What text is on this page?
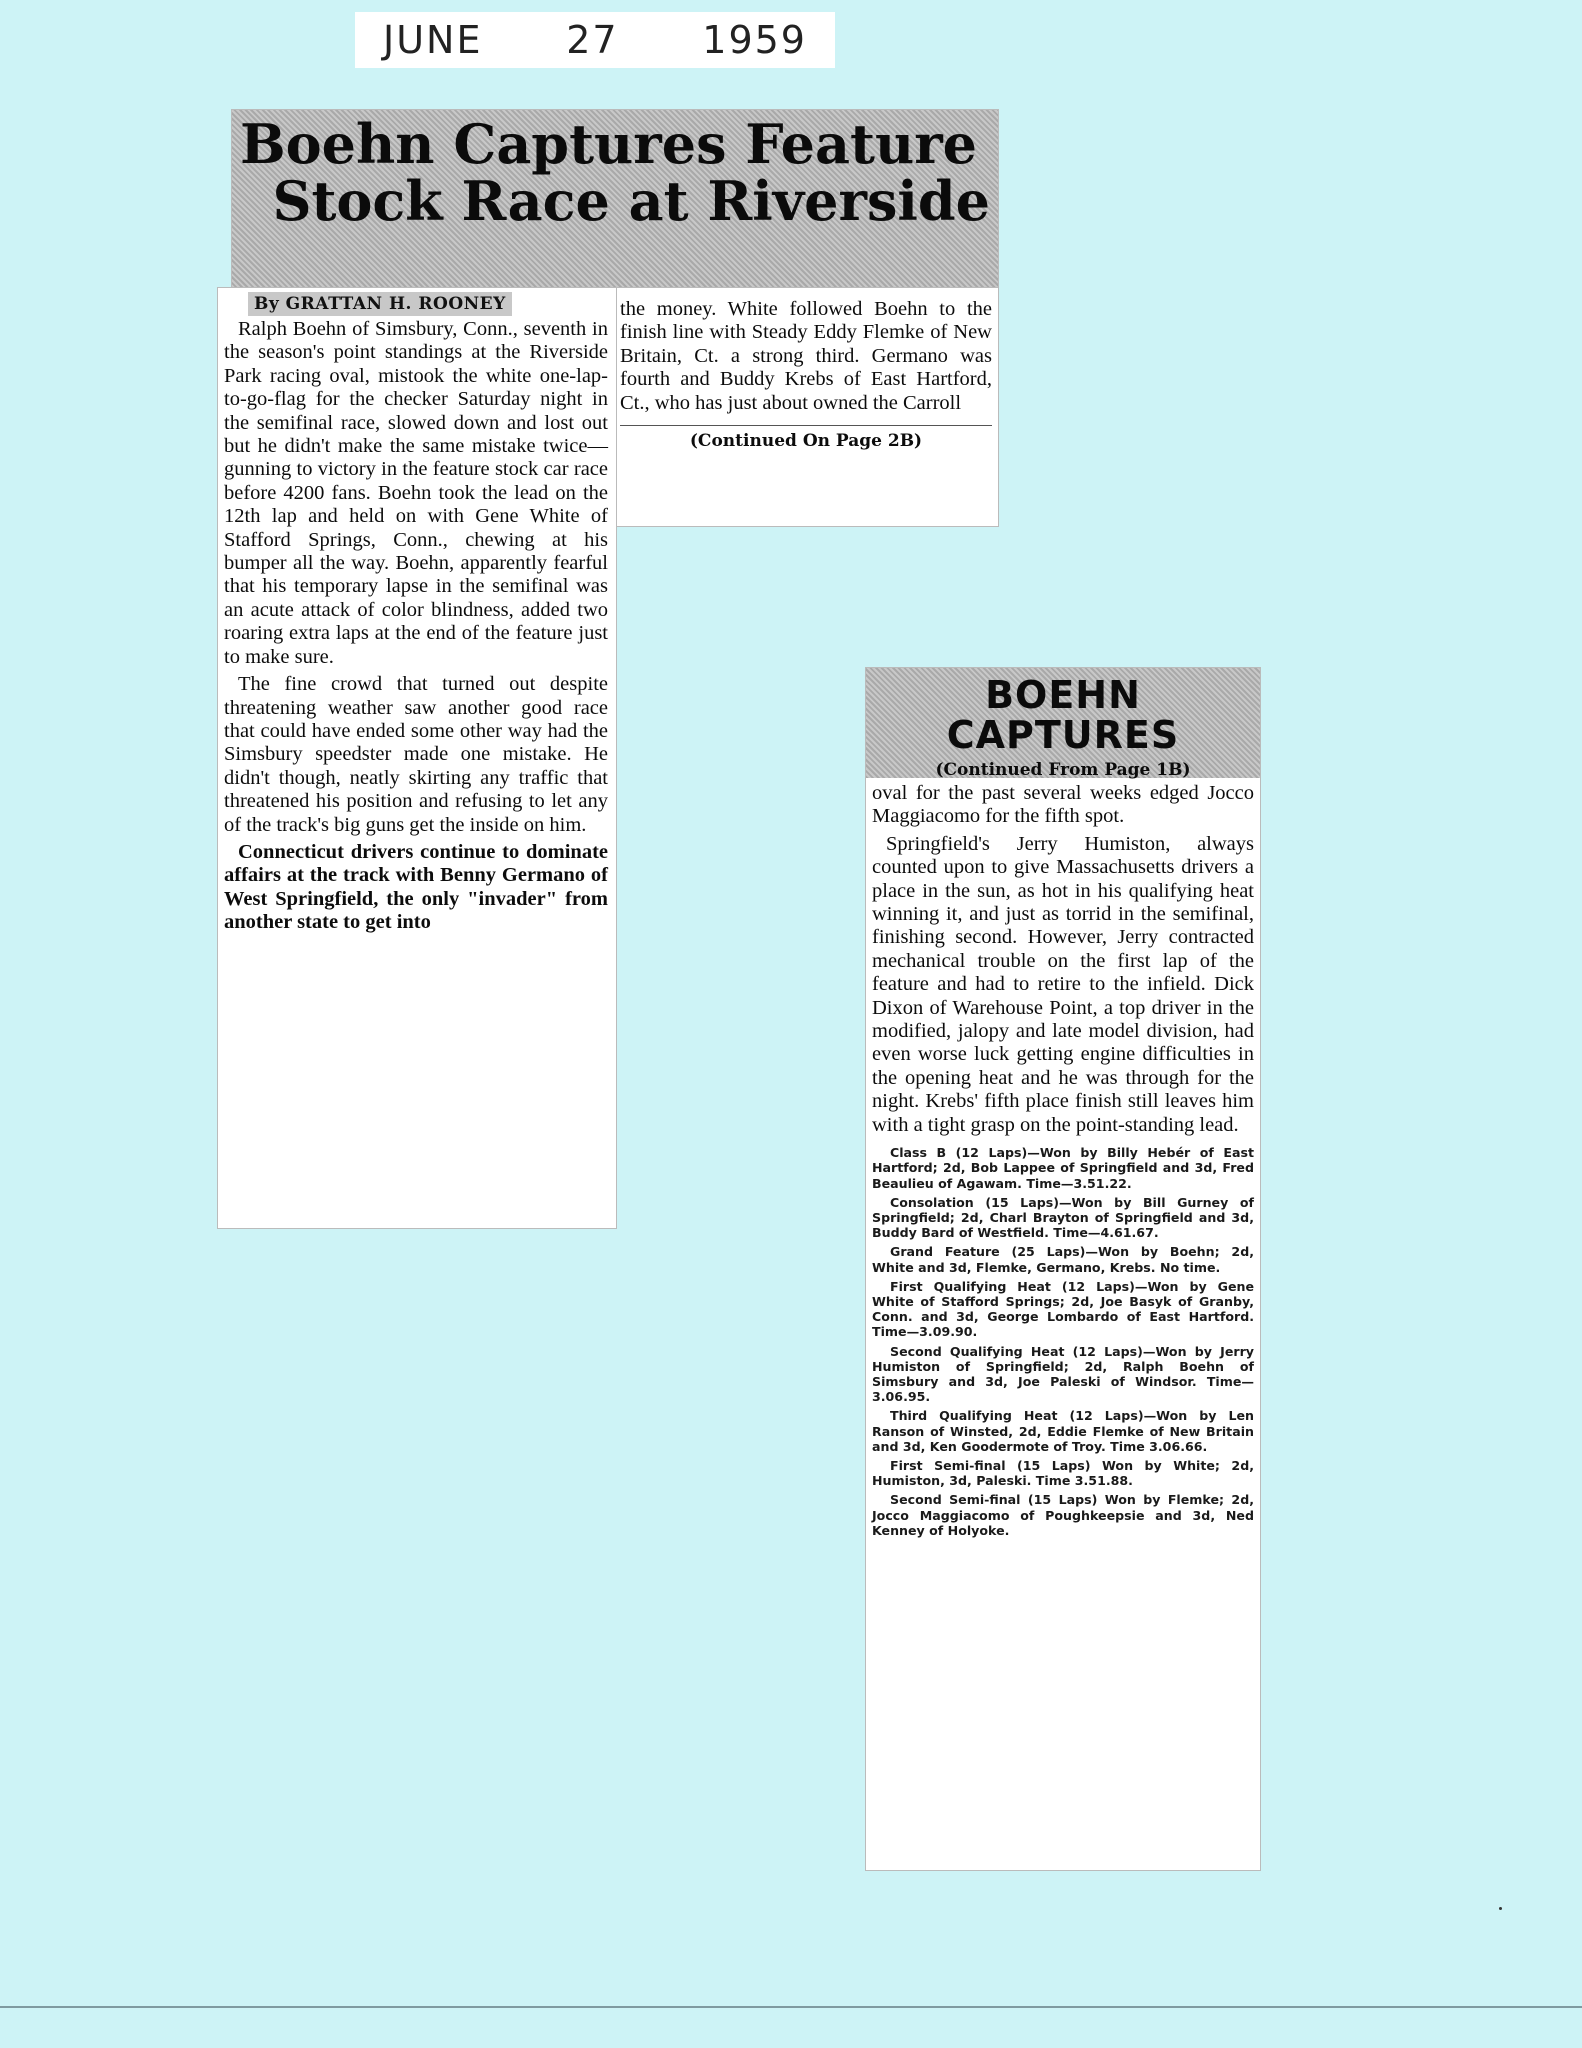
JUNE 27 1959
Boehn Captures Feature
Stock Race at Riverside

the money. White followed Boehn to the finish line with Steady Eddy Flemke of New Britain, Ct. a strong third. Germano was fourth and Buddy Krebs of East Hartford, Ct., who has just about owned the Carroll

(Continued On Page 2B)
By GRATTAN H. ROONEY

Ralph Boehn of Simsbury, Conn., seventh in the season's point standings at the Riverside Park racing oval, mistook the white one-lap-to-go-flag for the checker Saturday night in the semifinal race, slowed down and lost out but he didn't make the same mistake twice—gunning to victory in the feature stock car race before 4200 fans. Boehn took the lead on the 12th lap and held on with Gene White of Stafford Springs, Conn., chewing at his bumper all the way. Boehn, apparently fearful that his temporary lapse in the semifinal was an acute attack of color blindness, added two roaring extra laps at the end of the feature just to make sure.

The fine crowd that turned out despite threatening weather saw another good race that could have ended some other way had the Simsbury speedster made one mistake. He didn't though, neatly skirting any traffic that threatened his position and refusing to let any of the track's big guns get the inside on him.

Connecticut drivers continue to dominate affairs at the track with Benny Germano of West Springfield, the only "invader" from another state to get into

BOEHN CAPTURES
(Continued From Page 1B)

oval for the past several weeks edged Jocco Maggiacomo for the fifth spot.

Springfield's Jerry Humiston, always counted upon to give Massachusetts drivers a place in the sun, as hot in his qualifying heat winning it, and just as torrid in the semifinal, finishing second. However, Jerry contracted mechanical trouble on the first lap of the feature and had to retire to the infield. Dick Dixon of Warehouse Point, a top driver in the modified, jalopy and late model division, had even worse luck getting engine difficulties in the opening heat and he was through for the night. Krebs' fifth place finish still leaves him with a tight grasp on the point-standing lead.

Class B (12 Laps)—Won by Billy Hebér of East Hartford; 2d, Bob Lappee of Springfield and 3d, Fred Beaulieu of Agawam. Time—3.51.22.

Consolation (15 Laps)—Won by Bill Gurney of Springfield; 2d, Charl Brayton of Springfield and 3d, Buddy Bard of Westfield. Time—4.61.67.

Grand Feature (25 Laps)—Won by Boehn; 2d, White and 3d, Flemke, Germano, Krebs. No time.

First Qualifying Heat (12 Laps)—Won by Gene White of Stafford Springs; 2d, Joe Basyk of Granby, Conn. and 3d, George Lombardo of East Hartford. Time—3.09.90.

Second Qualifying Heat (12 Laps)—Won by Jerry Humiston of Springfield; 2d, Ralph Boehn of Simsbury and 3d, Joe Paleski of Windsor. Time—3.06.95.

Third Qualifying Heat (12 Laps)—Won by Len Ranson of Winsted, 2d, Eddie Flemke of New Britain and 3d, Ken Goodermote of Troy. Time 3.06.66.

First Semi-final (15 Laps) Won by White; 2d, Humiston, 3d, Paleski. Time 3.51.88.

Second Semi-final (15 Laps) Won by Flemke; 2d, Jocco Maggiacomo of Poughkeepsie and 3d, Ned Kenney of Holyoke.
